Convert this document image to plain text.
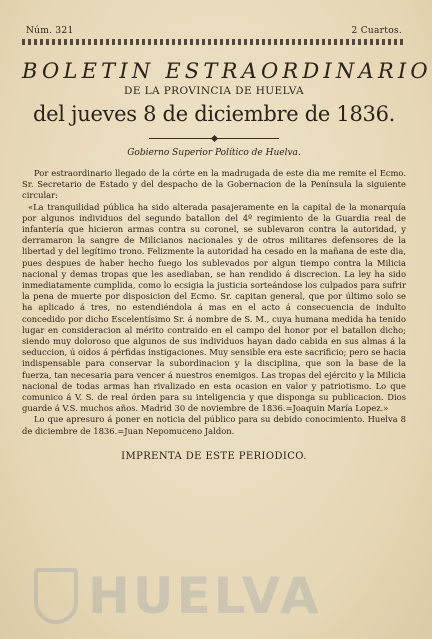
Núm. 321	2 Cuartos.
BOLETIN ESTRAORDINARIO
DE LA PROVINCIA DE HUELVA
del jueves 8 de diciembre de 1836.
Gobierno Superior Político de Huelva.

Por estraordinario llegado de la córte en la madrugada de este dia me remite el Ecmo. Sr. Secretario de Estado y del despacho de la Gobernacion de la Península la siguiente circular:

«La tranquilidad pública ha sido alterada pasajeramente en la capital de la monarquía por algunos individuos del segundo batallon del 4º regimiento de la Guardia real de infantería que hicieron armas contra su coronel, se sublevaron contra la autoridad, y derramaron la sangre de Milicianos nacionales y de otros militares defensores de la libertad y del legítimo trono. Felizmente la autoridad ha cesado en la mañana de este dia, pues despues de haber hecho fuego los sublevados por algun tiempo contra la Milicia nacional y demas tropas que les asediaban, se han rendido á discrecion. La ley ha sido inmediatamente cumplida, como lo ecsigia la justicia sorteándose los culpados para sufrir la pena de muerte por disposicion del Ecmo. Sr. capitan general, que por último solo se ha aplicado á tres, no estendiéndola á mas en el acto á consecuencia de indulto concedido por dicho Escelentísimo Sr. á nombre de S. M., cuya humana medida ha tenido lugar en consideracion al mérito contraido en el campo del honor por el batallon dicho; siendo muy doloroso que algunos de sus individuos hayan dado cabida en sus almas á la seduccion, ú oidos á pérfidas instigaciones. Muy sensible era este sacrificio; pero se hacia indispensable para conservar la subordinacion y la disciplina, que son la base de la fuerza, tan necesaria para vencer á nuestros enemigos. Las tropas del ejército y la Milicia nacional de todas armas han rivalizado en esta ocasion en valor y patriotismo. Lo que comunico á V. S. de real órden para su inteligencia y que disponga su publicacion. Dios guarde á V.S. muchos años. Madrid 30 de noviembre de 1836.=Joaquin María Lopez.»

Lo que apresuro á poner en noticia del público para su debido conocimiento. Huelva 8 de diciembre de 1836.=Juan Nepomuceno Jaldon.

IMPRENTA DE ESTE PERIODICO.
HUELVA
